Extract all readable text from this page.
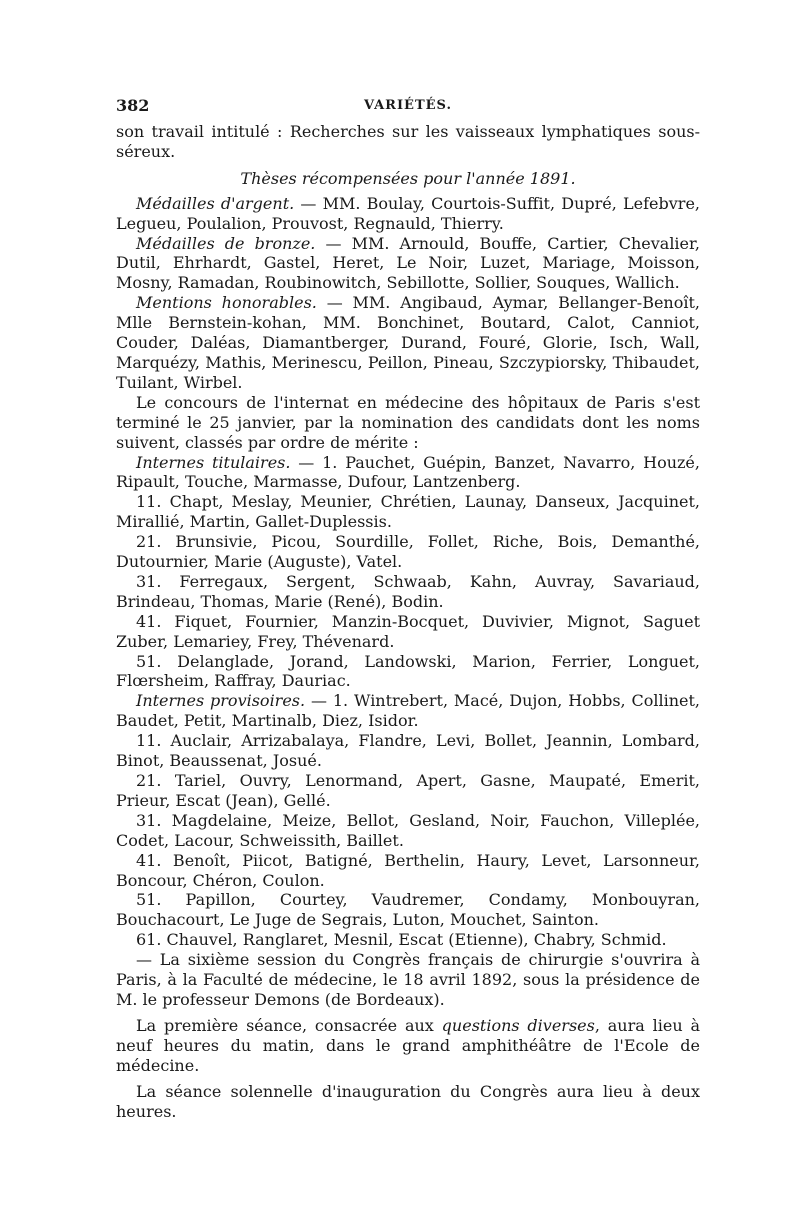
382	VARIÉTÉS.

son travail intitulé : Recherches sur les vaisseaux lymphatiques sous-séreux.

Thèses récompensées pour l'année 1891.

Médailles d'argent. — MM. Boulay, Courtois-Suffit, Dupré, Lefebvre, Legueu, Poulalion, Prouvost, Regnauld, Thierry.

Médailles de bronze. — MM. Arnould, Bouffe, Cartier, Chevalier, Dutil, Ehrhardt, Gastel, Heret, Le Noir, Luzet, Mariage, Moisson, Mosny, Ramadan, Roubinowitch, Sebillotte, Sollier, Souques, Wallich.

Mentions honorables. — MM. Angibaud, Aymar, Bellanger-Benoît, Mlle Bernstein-kohan, MM. Bonchinet, Boutard, Calot, Canniot, Couder, Daléas, Diamantberger, Durand, Fouré, Glorie, Isch, Wall, Marquézy, Mathis, Merinescu, Peillon, Pineau, Szczypiorsky, Thibaudet, Tuilant, Wirbel.

Le concours de l'internat en médecine des hôpitaux de Paris s'est terminé le 25 janvier, par la nomination des candidats dont les noms suivent, classés par ordre de mérite :

Internes titulaires. — 1. Pauchet, Guépin, Banzet, Navarro, Houzé, Ripault, Touche, Marmasse, Dufour, Lantzenberg.

11. Chapt, Meslay, Meunier, Chrétien, Launay, Danseux, Jacquinet, Mirallié, Martin, Gallet-Duplessis.

21. Brunsivie, Picou, Sourdille, Follet, Riche, Bois, Demanthé, Dutournier, Marie (Auguste), Vatel.

31. Ferregaux, Sergent, Schwaab, Kahn, Auvray, Savariaud, Brindeau, Thomas, Marie (René), Bodin.

41. Fiquet, Fournier, Manzin-Bocquet, Duvivier, Mignot, Saguet Zuber, Lemariey, Frey, Thévenard.

51. Delanglade, Jorand, Landowski, Marion, Ferrier, Longuet, Flœrsheim, Raffray, Dauriac.

Internes provisoires. — 1. Wintrebert, Macé, Dujon, Hobbs, Collinet, Baudet, Petit, Martinalb, Diez, Isidor.

11. Auclair, Arrizabalaya, Flandre, Levi, Bollet, Jeannin, Lombard, Binot, Beaussenat, Josué.

21. Tariel, Ouvry, Lenormand, Apert, Gasne, Maupaté, Emerit, Prieur, Escat (Jean), Gellé.

31. Magdelaine, Meize, Bellot, Gesland, Noir, Fauchon, Villeplée, Codet, Lacour, Schweissith, Baillet.

41. Benoît, Piicot, Batigné, Berthelin, Haury, Levet, Larsonneur, Boncour, Chéron, Coulon.

51. Papillon, Courtey, Vaudremer, Condamy, Monbouyran, Bouchacourt, Le Juge de Segrais, Luton, Mouchet, Sainton.

61. Chauvel, Ranglaret, Mesnil, Escat (Etienne), Chabry, Schmid.

— La sixième session du Congrès français de chirurgie s'ouvrira à Paris, à la Faculté de médecine, le 18 avril 1892, sous la présidence de M. le professeur Demons (de Bordeaux).

La première séance, consacrée aux questions diverses, aura lieu à neuf heures du matin, dans le grand amphithéâtre de l'Ecole de médecine.

La séance solennelle d'inauguration du Congrès aura lieu à deux heures.
